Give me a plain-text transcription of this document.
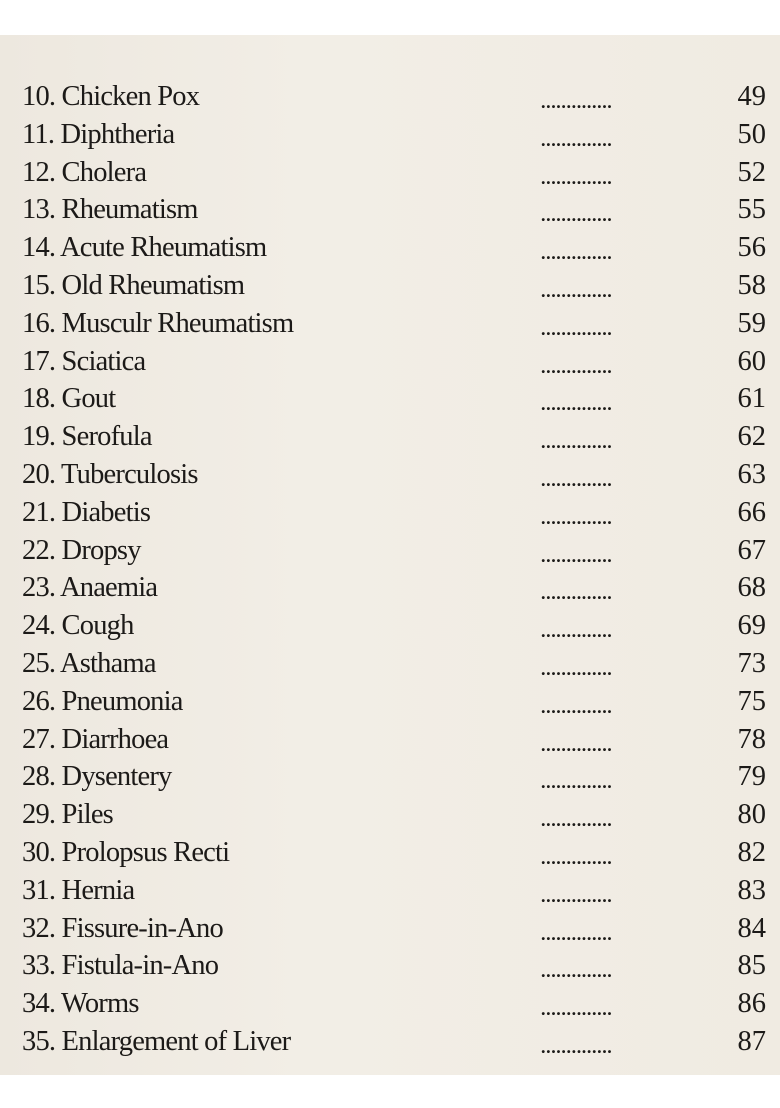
10. Chicken Pox	..............	49
11. Diphtheria	..............	50
12. Cholera	..............	52
13. Rheumatism	..............	55
14. Acute Rheumatism	..............	56
15. Old Rheumatism	..............	58
16. Musculr Rheumatism	..............	59
17. Sciatica	..............	60
18. Gout	..............	61
19. Serofula	..............	62
20. Tuberculosis	..............	63
21. Diabetis	..............	66
22. Dropsy	..............	67
23. Anaemia	..............	68
24. Cough	..............	69
25. Asthama	..............	73
26. Pneumonia	..............	75
27. Diarrhoea	..............	78
28. Dysentery	..............	79
29. Piles	..............	80
30. Prolopsus Recti	..............	82
31. Hernia	..............	83
32. Fissure-in-Ano	..............	84
33. Fistula-in-Ano	..............	85
34. Worms	..............	86
35. Enlargement of Liver	..............	87
